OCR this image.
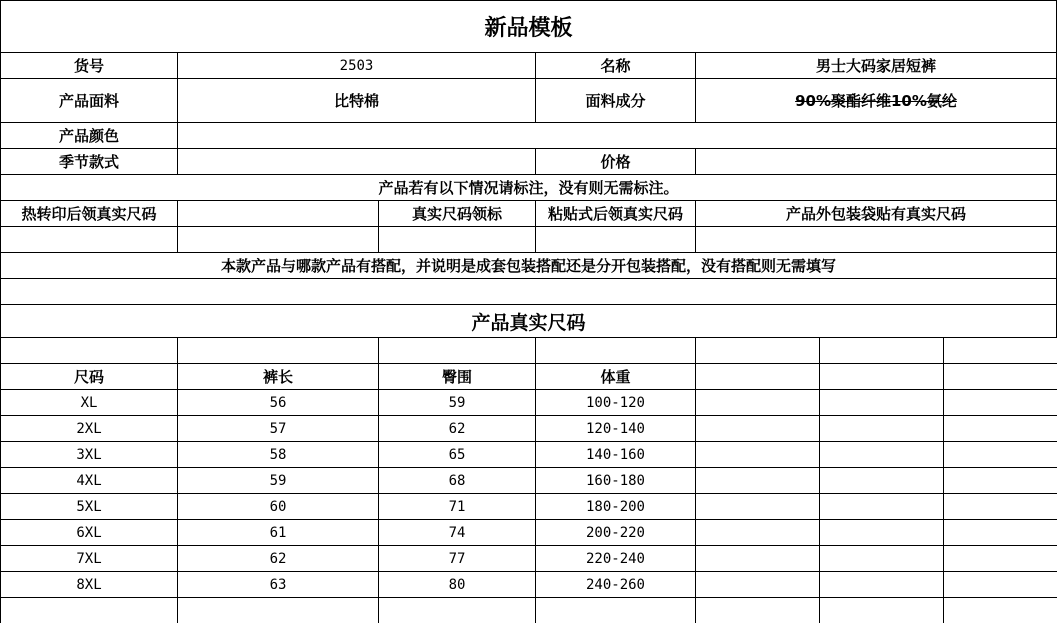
新品模板
货号	2503	名称	男士大码家居短裤
产品面料	比特棉	面料成分	90%聚酯纤维10%氨纶
产品颜色
季节款式	价格
产品若有以下情况请标注，没有则无需标注。
热转印后领真实尺码	真实尺码领标	粘贴式后领真实尺码	产品外包装袋贴有真实尺码
本款产品与哪款产品有搭配，并说明是成套包装搭配还是分开包装搭配，没有搭配则无需填写
产品真实尺码
尺码	裤长	臀围	体重
XL	56	59	100-120
2XL	57	62	120-140
3XL	58	65	140-160
4XL	59	68	160-180
5XL	60	71	180-200
6XL	61	74	200-220
7XL	62	77	220-240
8XL	63	80	240-260
